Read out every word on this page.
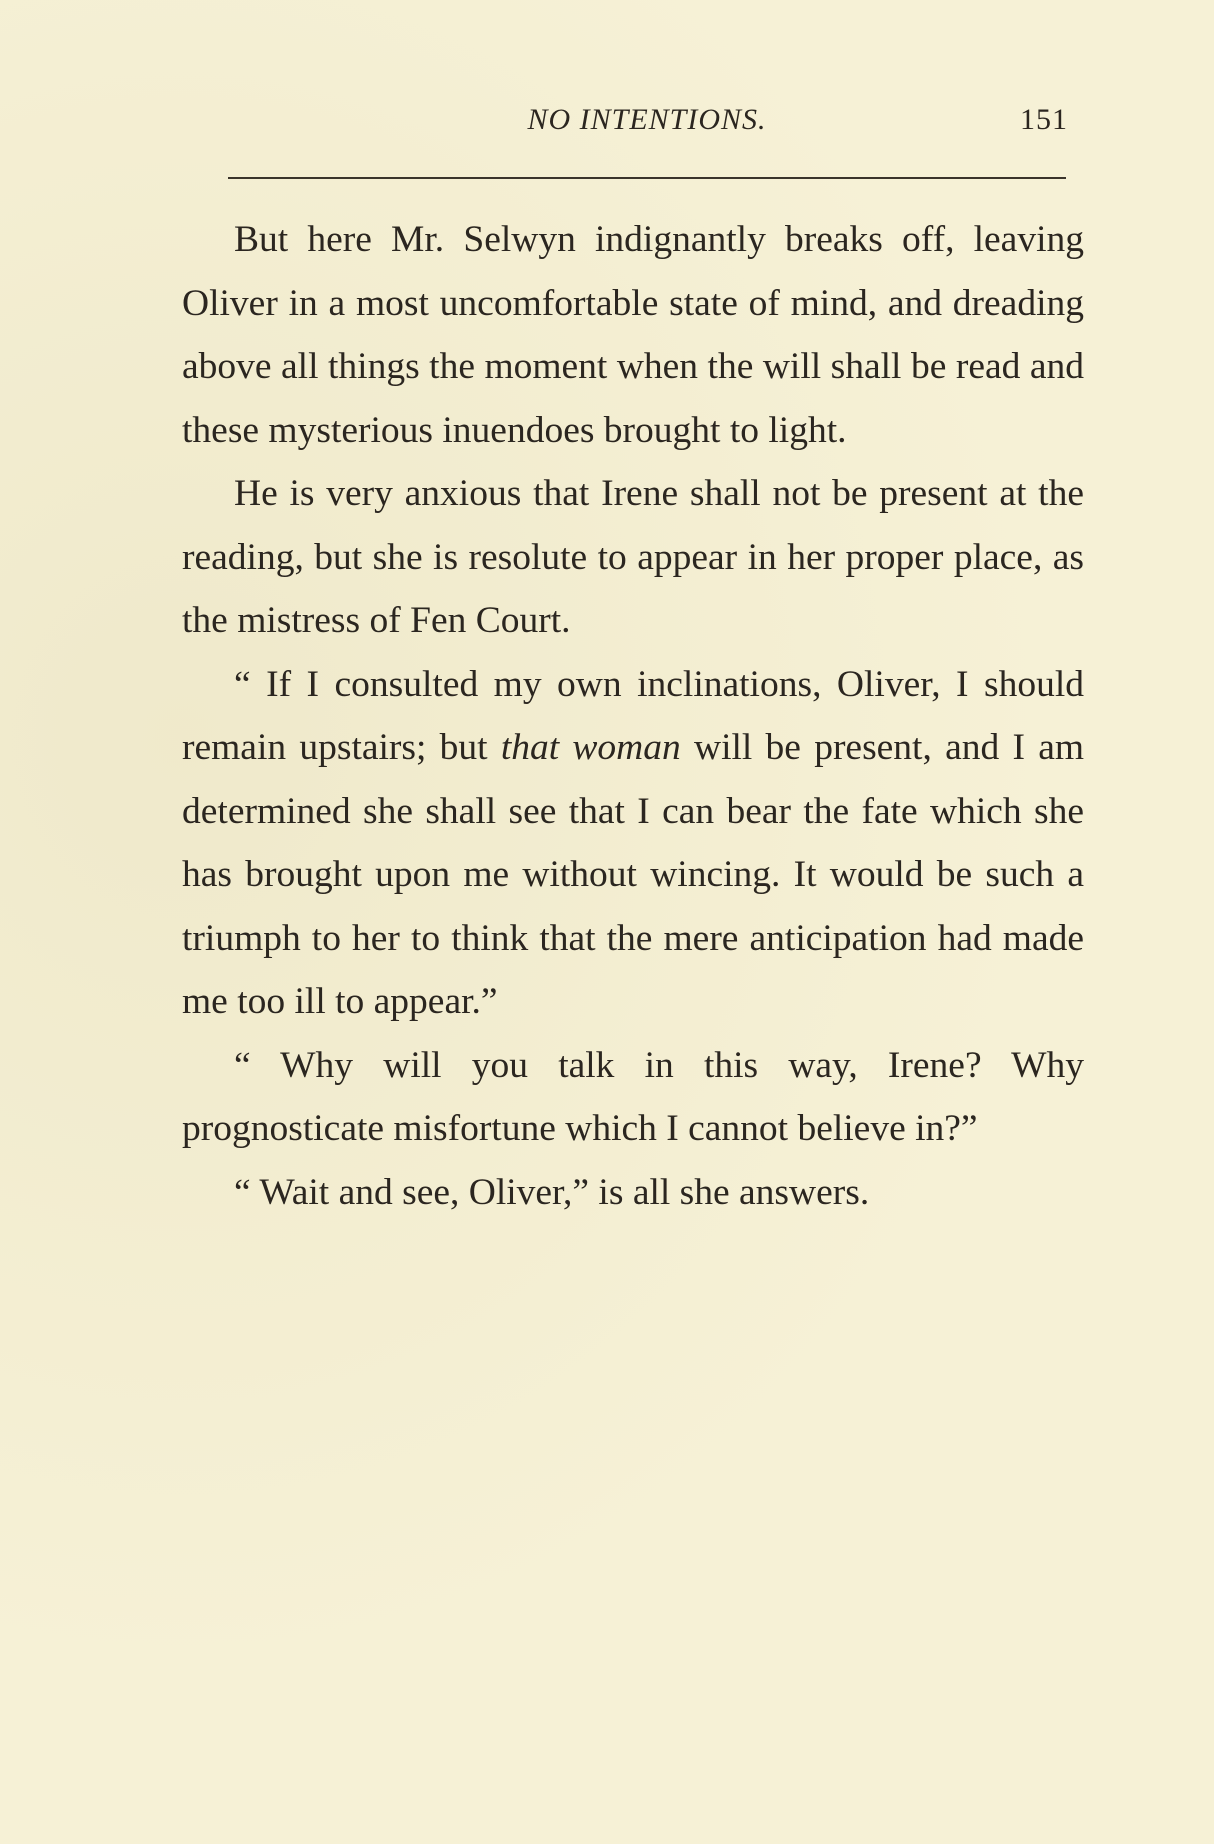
NO INTENTIONS.	151

But here Mr. Selwyn indignantly breaks off, leaving Oliver in a most uncomfortable state of mind, and dreading above all things the moment when the will shall be read and these mysterious inuendoes brought to light.

He is very anxious that Irene shall not be present at the reading, but she is resolute to appear in her proper place, as the mistress of Fen Court.

“ If I consulted my own inclinations, Oliver, I should remain upstairs; but that woman will be present, and I am determined she shall see that I can bear the fate which she has brought upon me without wincing. It would be such a triumph to her to think that the mere anticipation had made me too ill to appear.”

“ Why will you talk in this way, Irene? Why prognosticate misfortune which I cannot believe in?”

“ Wait and see, Oliver,” is all she answers.
